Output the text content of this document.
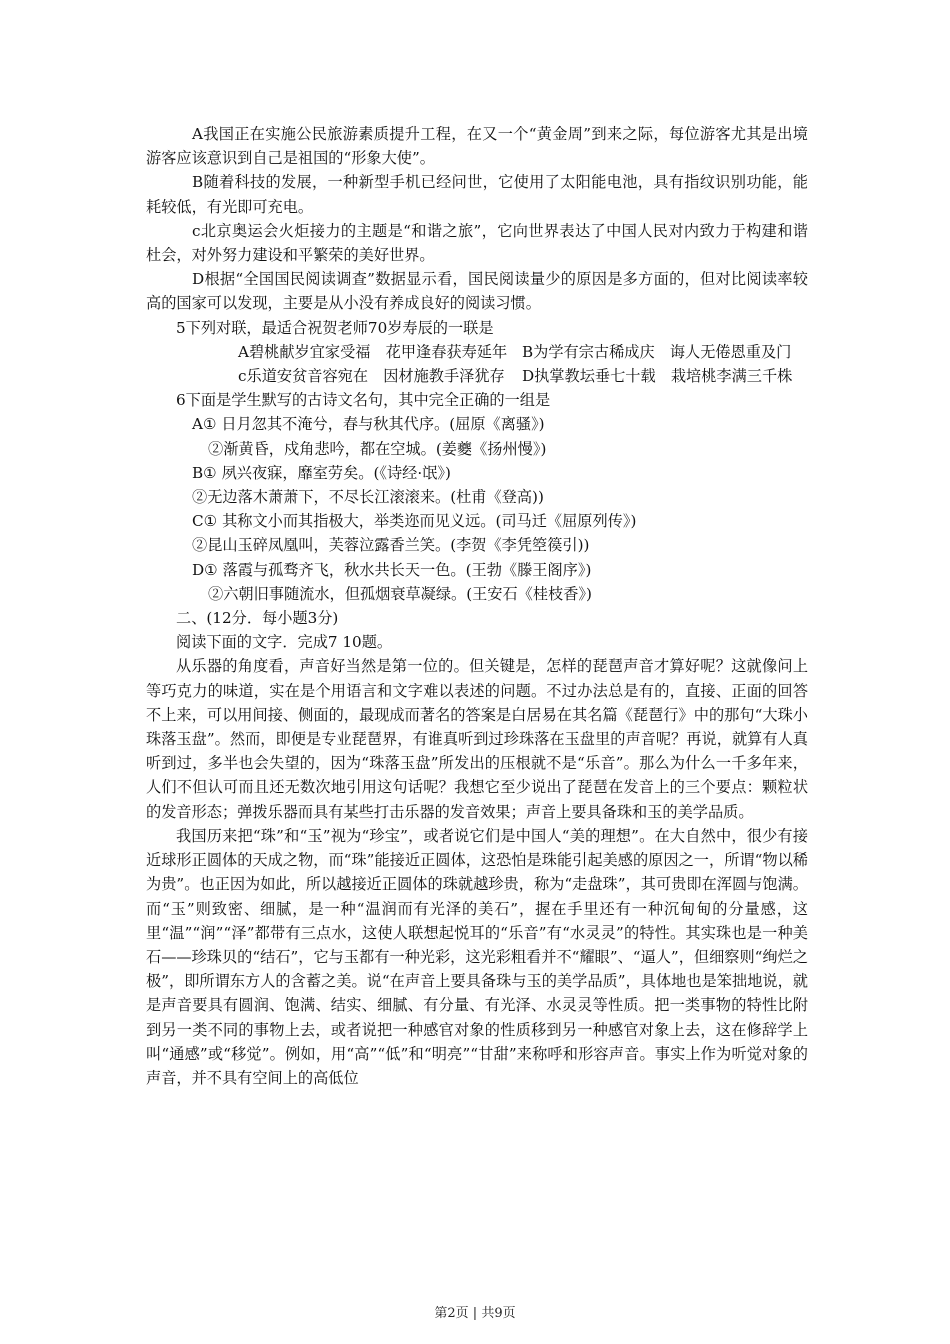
A我国正在实施公民旅游素质提升工程，在又一个“黄金周”到来之际，每位游客尤其是出境游客应该意识到自己是祖国的“形象大使”。

B随着科技的发展，一种新型手机已经问世，它使用了太阳能电池，具有指纹识别功能，能耗较低，有光即可充电。

c北京奥运会火炬接力的主题是“和谐之旅”，它向世界表达了中国人民对内致力于构建和谐杜会，对外努力建设和平繁荣的美好世界。

D根据“全国国民阅读调查”数据显示看，国民阅读量少的原因是多方面的，但对比阅读率较高的国家可以发现，主要是从小没有养成良好的阅读习惯。

5下列对联，最适合祝贺老师70岁寿辰的一联是

A碧桃献岁宜家受福　花甲逢春获寿延年 B为学有宗古稀成庆　诲人无倦恩重及门

c乐道安贫音容宛在　因材施教手泽犹存 D执掌教坛垂七十载　栽培桃李满三千株

6下面是学生默写的古诗文名句，其中完全正确的一组是

A① 日月忽其不淹兮，春与秋其代序。(屈原《离骚》)

②渐黄昏，戍角悲吟，都在空城。(姜夔《扬州慢》)

B① 夙兴夜寐，靡室劳矣。(《诗经·氓》)

②无边落木萧萧下，不尽长江滚滚来。(杜甫《登高))

C① 其称文小而其指极大，举类迩而见义远。(司马迁《屈原列传》)

②昆山玉碎凤凰叫，芙蓉泣露香兰笑。(李贺《李凭箜篌引))

D① 落霞与孤骛齐飞，秋水共长天一色。(王勃《滕王阁序》)

②六朝旧事随流水，但孤烟衰草凝绿。(王安石《桂枝香》)

二、(12分．每小题3分)

阅读下面的文字．完成7 10题。

从乐器的角度看，声音好当然是第一位的。但关键是，怎样的琵琶声音才算好呢？这就像问上等巧克力的味道，实在是个用语言和文字难以表述的问题。不过办法总是有的，直接、正面的回答不上来，可以用间接、侧面的，最现成而著名的答案是白居易在其名篇《琵琶行》中的那句“大珠小珠落玉盘”。然而，即便是专业琵琶界，有谁真听到过珍珠落在玉盘里的声音呢？再说，就算有人真听到过，多半也会失望的，因为“珠落玉盘”所发出的压根就不是“乐音”。那么为什么一千多年来，人们不但认可而且还无数次地引用这句话呢？我想它至少说出了琵琶在发音上的三个要点：颗粒状的发音形态；弹拨乐器而具有某些打击乐器的发音效果；声音上要具备珠和玉的美学品质。

我国历来把“珠”和“玉”视为“珍宝”，或者说它们是中国人“美的理想”。在大自然中，很少有接近球形正圆体的天成之物，而“珠”能接近正圆体，这恐怕是珠能引起美感的原因之一，所谓“物以稀为贵”。也正因为如此，所以越接近正圆体的珠就越珍贵，称为“走盘珠”，其可贵即在浑圆与饱满。而“玉”则致密、细腻，是一种“温润而有光泽的美石”，握在手里还有一种沉甸甸的分量感，这里“温”“润”“泽”都带有三点水，这使人联想起悦耳的“乐音”有“水灵灵”的特性。其实珠也是一种美石——珍珠贝的“结石”，它与玉都有一种光彩，这光彩粗看并不“耀眼”、“逼人”，但细察则“绚烂之极”，即所谓东方人的含蓄之美。说“在声音上要具备珠与玉的美学品质”，具体地也是笨拙地说，就是声音要具有圆润、饱满、结实、细腻、有分量、有光泽、水灵灵等性质。把一类事物的特性比附到另一类不同的事物上去，或者说把一种感官对象的性质移到另一种感官对象上去，这在修辞学上叫“通感”或“移觉”。例如，用“高”“低”和“明亮”“甘甜”来称呼和形容声音。事实上作为听觉对象的声音，并不具有空间上的高低位

第2页 | 共9页
